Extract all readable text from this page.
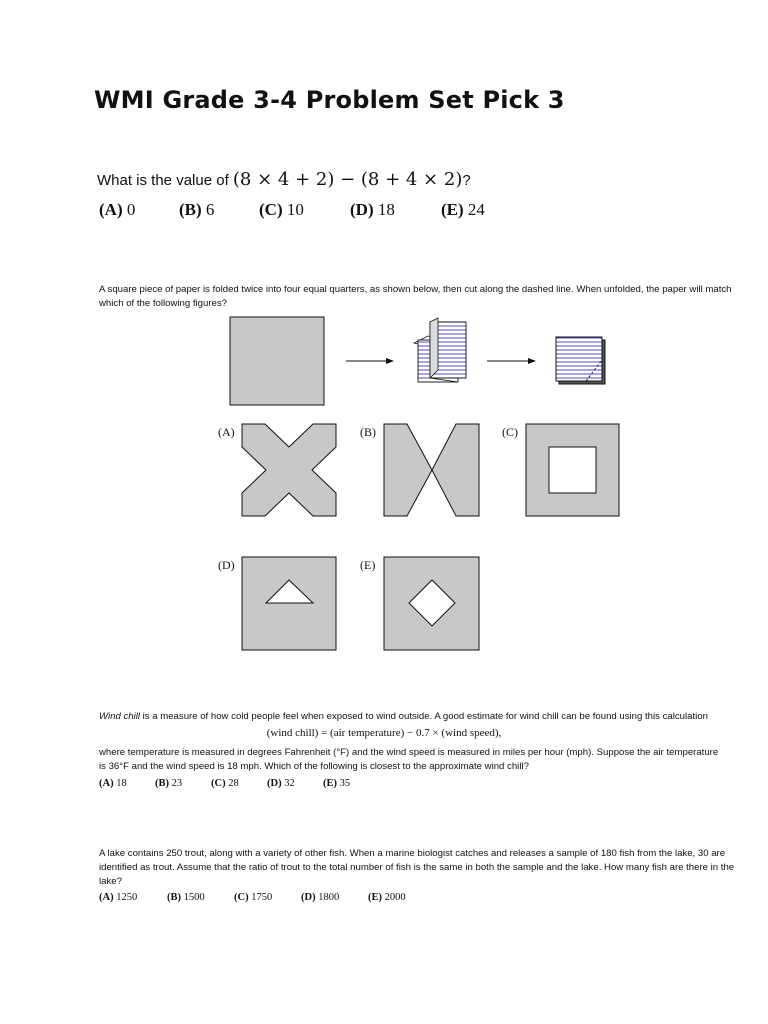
WMI Grade 3-4 Problem Set Pick 3
What is the value of (8 × 4 + 2) − (8 + 4 × 2)?
(A) 0	(B) 6	(C) 10	(D) 18	(E) 24
A square piece of paper is folded twice into four equal quarters, as shown below, then cut along the dashed line. When unfolded, the paper will match which of the following figures?
(A)	(B)	(C)
(D)	(E)
Wind chill is a measure of how cold people feel when exposed to wind outside. A good estimate for wind chill can be found using this calculation
(wind chill) = (air temperature) − 0.7 × (wind speed),
where temperature is measured in degrees Fahrenheit (°F) and the wind speed is measured in miles per hour (mph). Suppose the air temperature is 36°F and the wind speed is 18 mph. Which of the following is closest to the approximate wind chill?
(A) 18	(B) 23	(C) 28	(D) 32	(E) 35
A lake contains 250 trout, along with a variety of other fish. When a marine biologist catches and releases a sample of 180 fish from the lake, 30 are identified as trout. Assume that the ratio of trout to the total number of fish is the same in both the sample and the lake. How many fish are there in the lake?
(A) 1250	(B) 1500	(C) 1750	(D) 1800	(E) 2000
